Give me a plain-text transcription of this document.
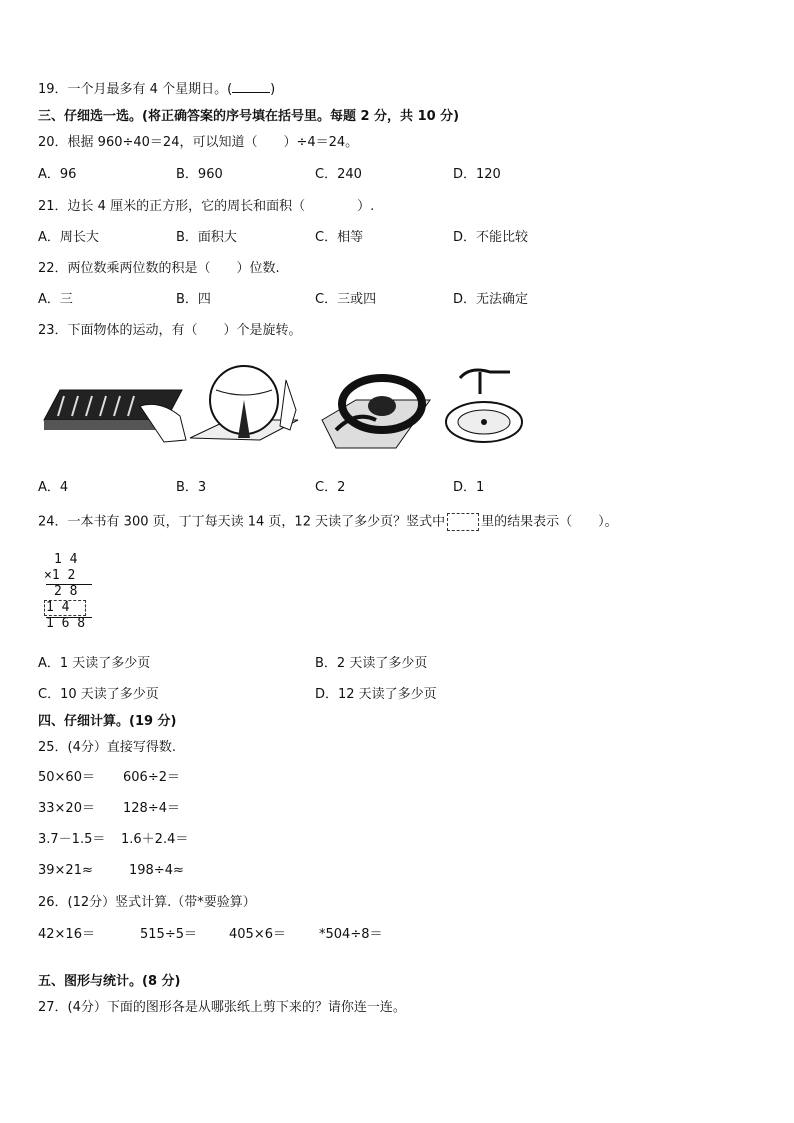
19．一个月最多有 4 个星期日。(	)
三、仔细选一选。(将正确答案的序号填在括号里。每题 2 分，共 10 分)
20．根据 960÷40＝24，可以知道（　　）÷4＝24。
A．96	B．960	C．240	D．120
21．边长 4 厘米的正方形，它的周长和面积（　　　　）.
A．周长大	B．面积大	C．相等	D．不能比较
22．两位数乘两位数的积是（　　）位数.
A．三	B．四	C．三或四	D．无法确定
23．下面物体的运动，有（　　）个是旋转。
A．4	B．3	C．2	D．1
24．一本书有 300 页，丁丁每天读 14 页，12 天读了多少页？竖式中	里的结果表示（　　）。
1 4
×1 2
2 8
1 4
1 6 8
A．1 天读了多少页	B．2 天读了多少页
C．10 天读了多少页	D．12 天读了多少页
四、仔细计算。(19 分)
25．(4分）直接写得数.
50×60＝ 606÷2＝
33×20＝ 128÷4＝
3.7－1.5＝ 1.6＋2.4＝
39×21≈	198÷4≈
26．(12分）竖式计算.（带*要验算）
42×16＝	515÷5＝ 405×6＝	*504÷8＝
五、图形与统计。(8 分)
27．(4分）下面的图形各是从哪张纸上剪下来的？请你连一连。
